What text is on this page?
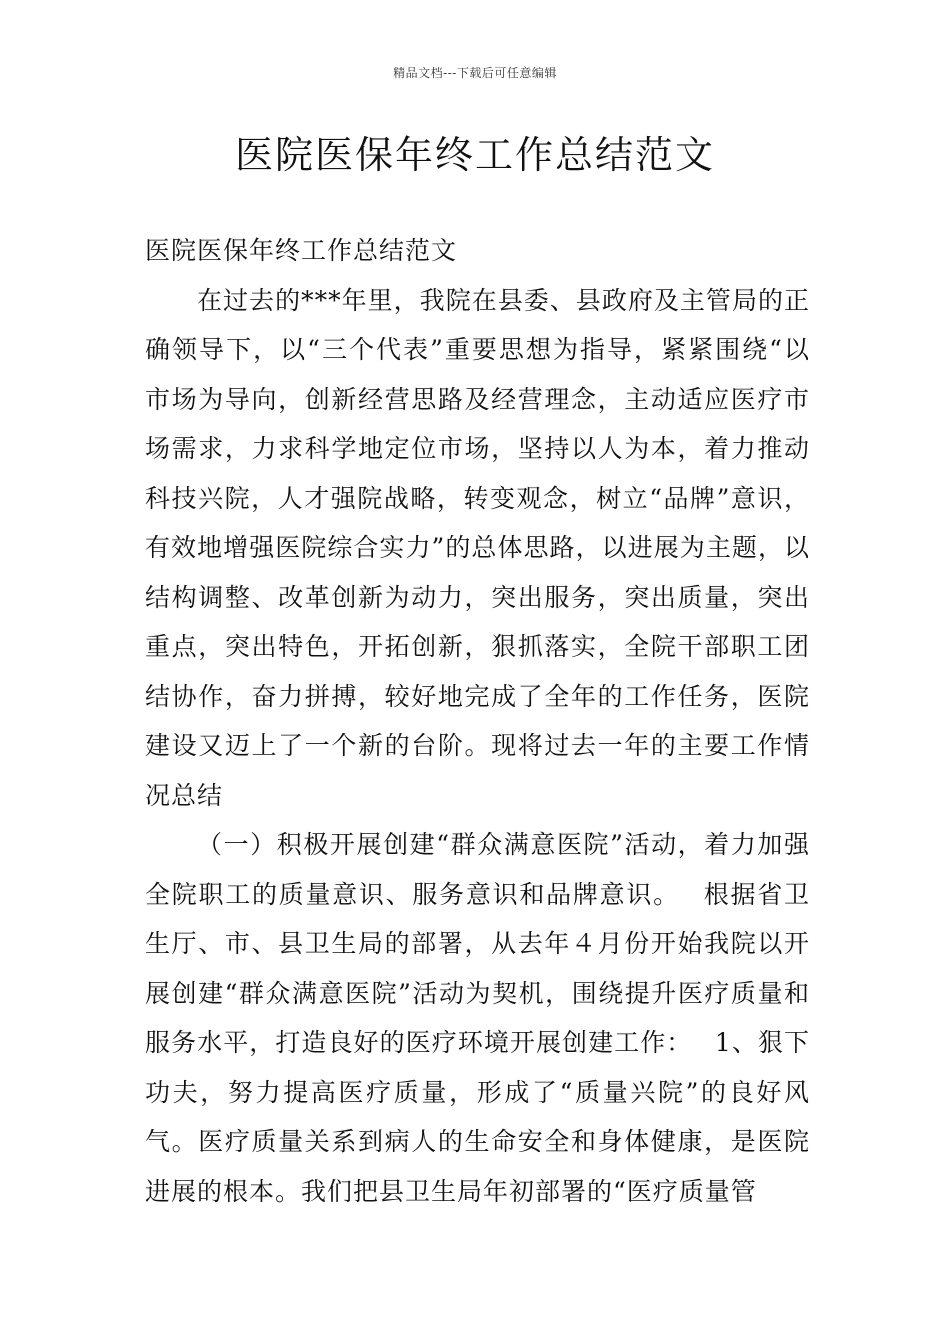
精品文档---下载后可任意编辑
医院医保年终工作总结范文

医院医保年终工作总结范文

在过去的***年里，我院在县委、县政府及主管局的正确领导下，以“三个代表”重要思想为指导，紧紧围绕“以市场为导向，创新经营思路及经营理念，主动适应医疗市场需求，力求科学地定位市场，坚持以人为本，着力推动科技兴院，人才强院战略，转变观念，树立“品牌”意识，有效地增强医院综合实力”的总体思路，以进展为主题，以结构调整、改革创新为动力，突出服务，突出质量，突出重点，突出特色，开拓创新，狠抓落实，全院干部职工团结协作，奋力拼搏，较好地完成了全年的工作任务，医院建设又迈上了一个新的台阶。现将过去一年的主要工作情况总结

（一）积极开展创建“群众满意医院”活动，着力加强全院职工的质量意识、服务意识和品牌意识。　 根据省卫生厅、市、县卫生局的部署，从去年４月份开始我院以开展创建“群众满意医院”活动为契机，围绕提升医疗质量和服务水平，打造良好的医疗环境开展创建工作：　 1、狠下功夫，努力提高医疗质量，形成了“质量兴院”的良好风气。医疗质量关系到病人的生命安全和身体健康，是医院进展的根本。我们把县卫生局年初部署的“医疗质量管
